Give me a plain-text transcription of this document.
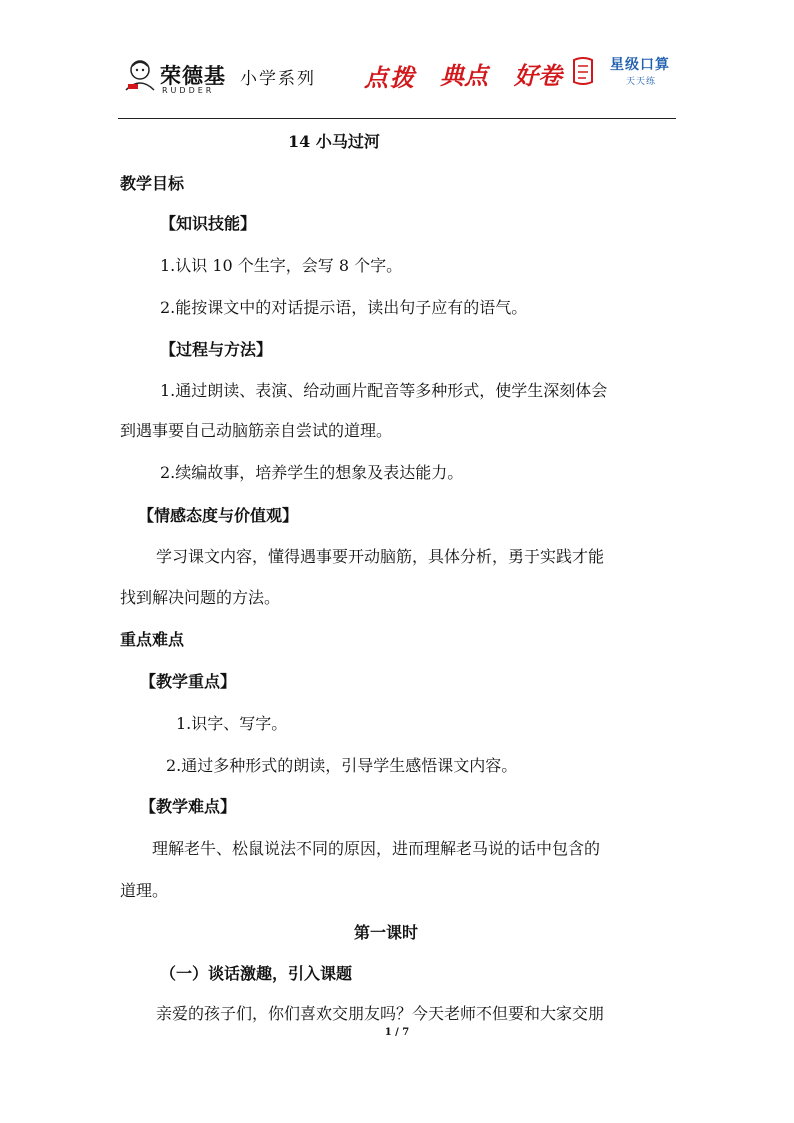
荣德基
RUDDER
小学系列 点拨 典点 好卷	星级口算
天天练
14 小马过河
教学目标
【知识技能】
1.认识 10 个生字，会写 8 个字。
2.能按课文中的对话提示语，读出句子应有的语气。
【过程与方法】
1.通过朗读、表演、给动画片配音等多种形式，使学生深刻体会
到遇事要自己动脑筋亲自尝试的道理。
2.续编故事，培养学生的想象及表达能力。
【情感态度与价值观】
学习课文内容，懂得遇事要开动脑筋，具体分析，勇于实践才能
找到解决问题的方法。
重点难点
【教学重点】
1.识字、写字。
2.通过多种形式的朗读，引导学生感悟课文内容。
【教学难点】
理解老牛、松鼠说法不同的原因，进而理解老马说的话中包含的
道理。
第一课时
（一）谈话激趣，引入课题
亲爱的孩子们，你们喜欢交朋友吗？今天老师不但要和大家交朋
1 / 7
